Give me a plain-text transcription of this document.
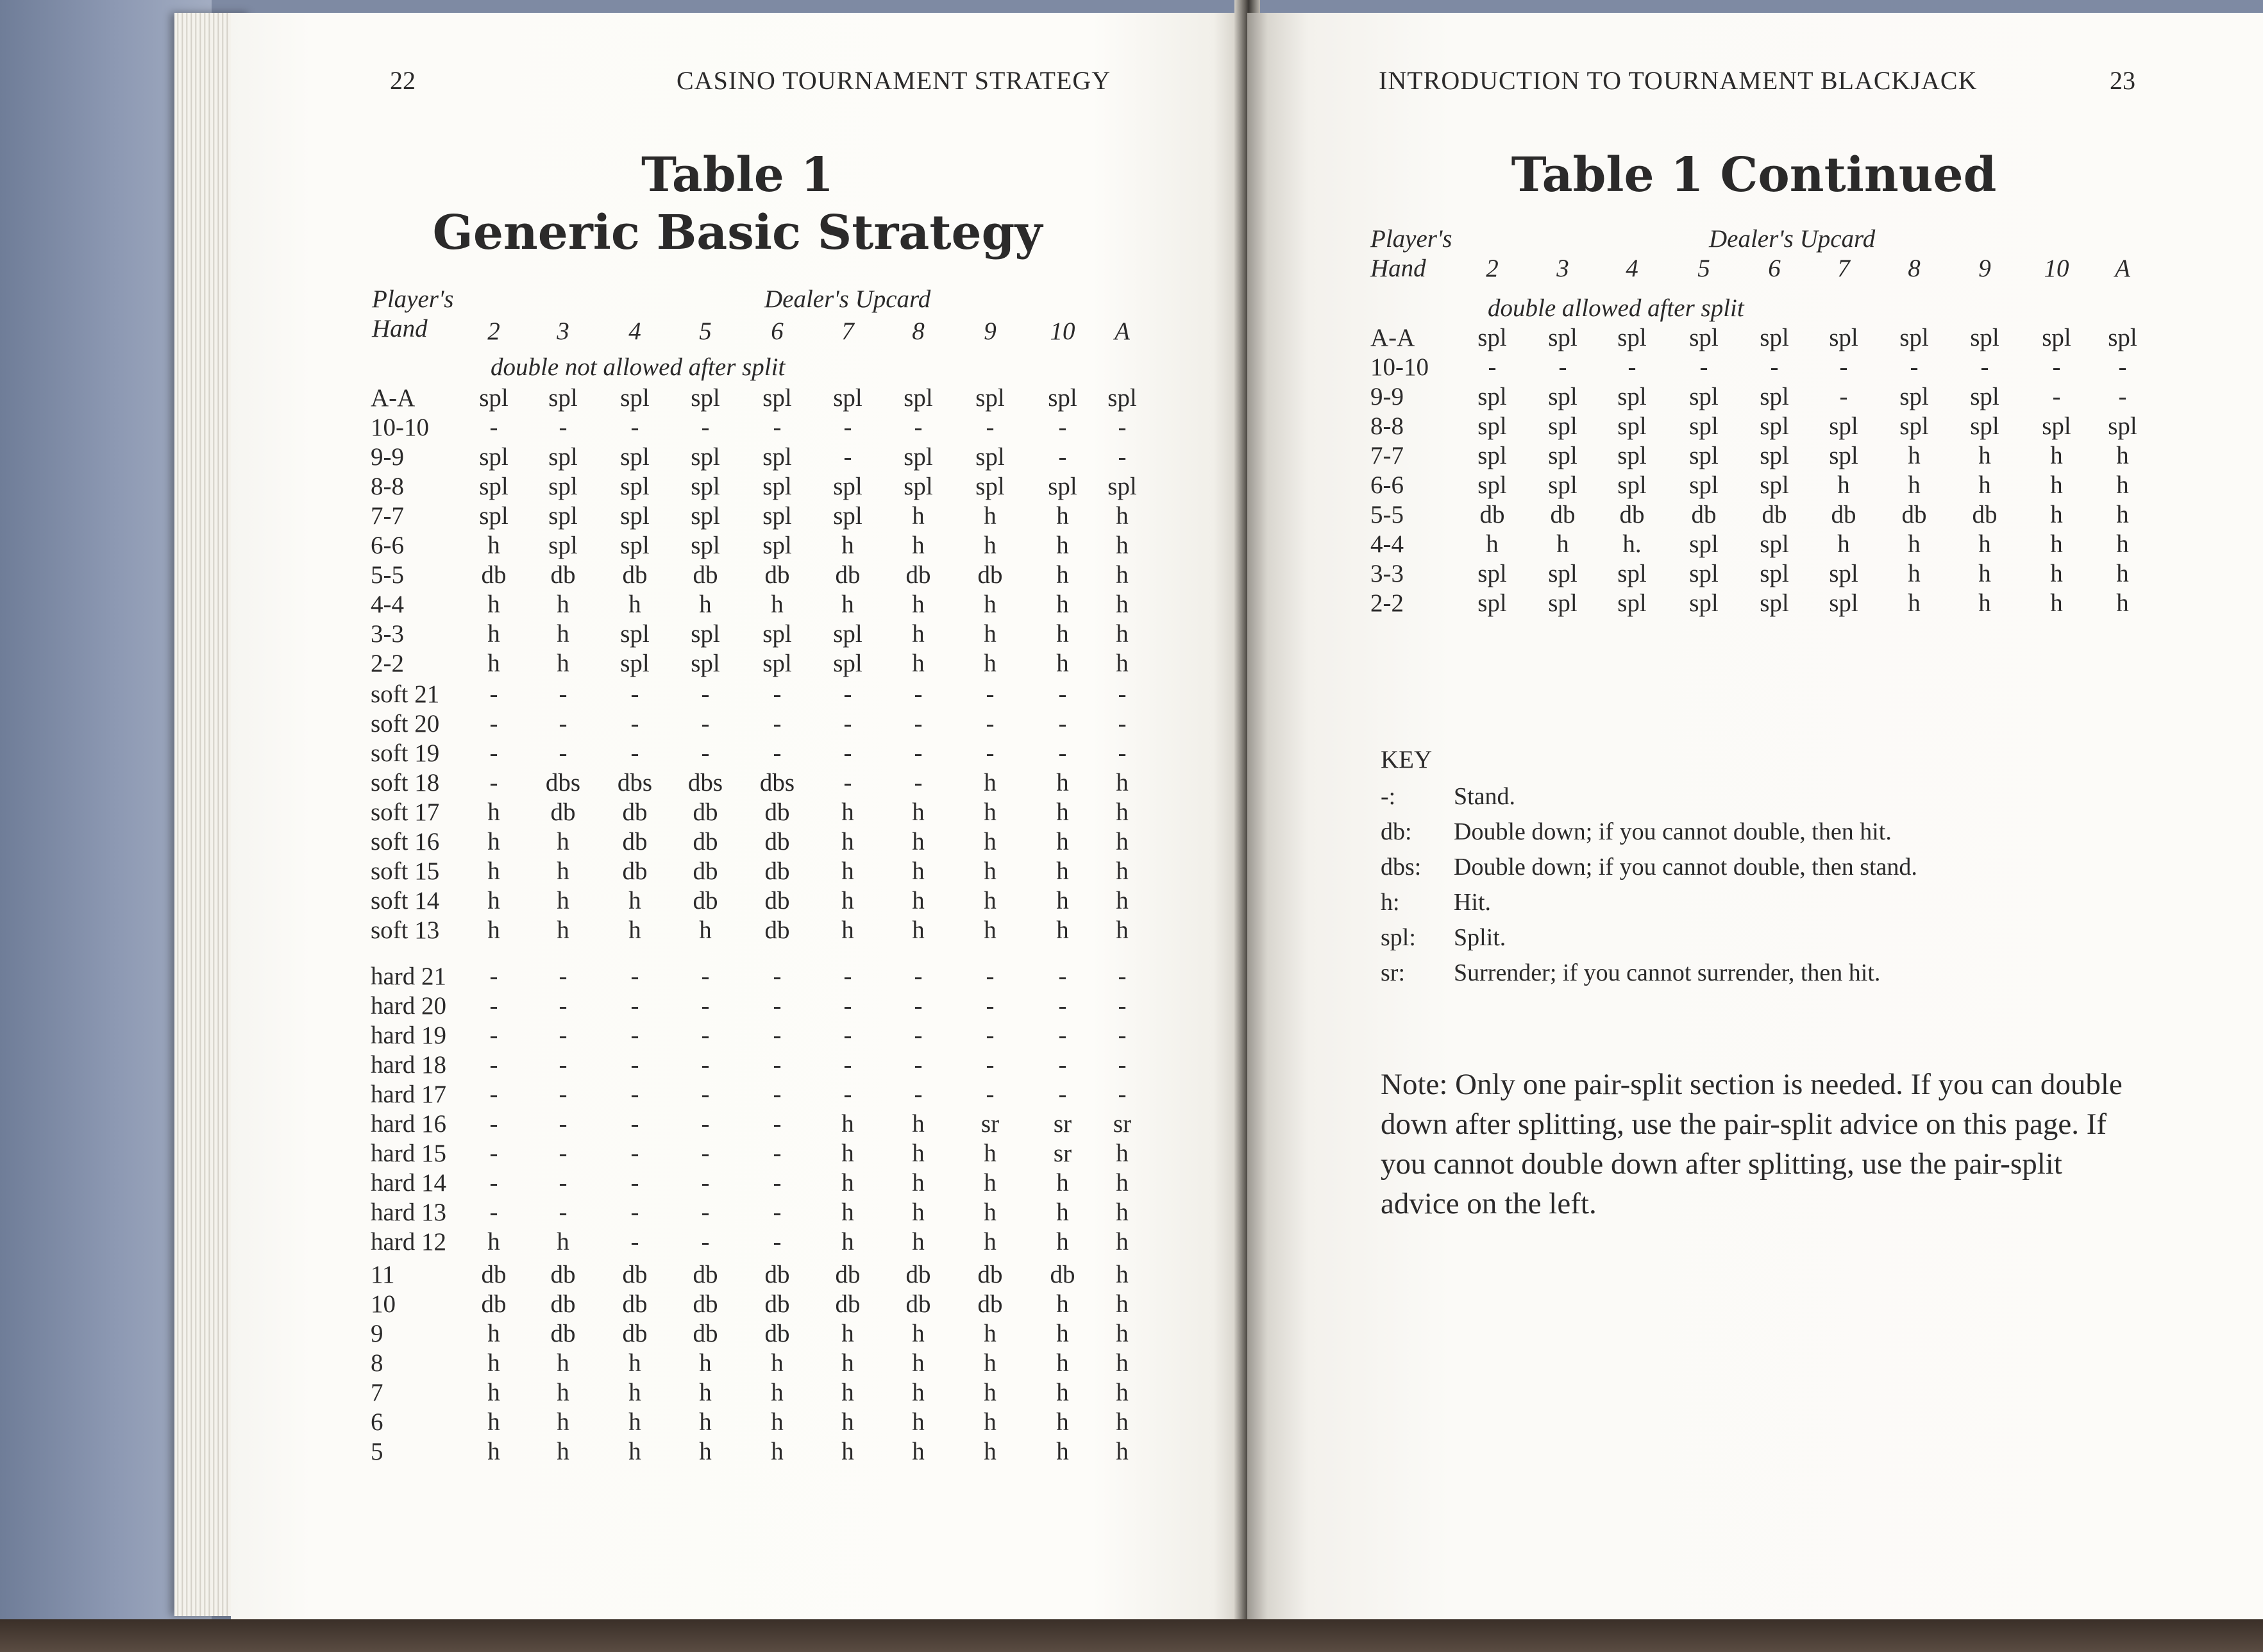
22	CASINO TOURNAMENT STRATEGY
Table 1
Generic Basic Strategy
Player's
Hand
Dealer's Upcard
2	3	4	5	6	7	8	9	10	A
double not allowed after split
A-A	spl	spl	spl	spl	spl	spl	spl	spl	spl	spl
10-10	-	-	-	-	-	-	-	-	-	-
9-9	spl	spl	spl	spl	spl	-	spl	spl	-	-
8-8	spl	spl	spl	spl	spl	spl	spl	spl	spl	spl
7-7	spl	spl	spl	spl	spl	spl	h	h	h	h
6-6	h	spl	spl	spl	spl	h	h	h	h	h
5-5	db	db	db	db	db	db	db	db	h	h
4-4	h	h	h	h	h	h	h	h	h	h
3-3	h	h	spl	spl	spl	spl	h	h	h	h
2-2	h	h	spl	spl	spl	spl	h	h	h	h
soft 21	-	-	-	-	-	-	-	-	-	-
soft 20	-	-	-	-	-	-	-	-	-	-
soft 19	-	-	-	-	-	-	-	-	-	-
soft 18	-	dbs	dbs	dbs	dbs	-	-	h	h	h
soft 17	h	db	db	db	db	h	h	h	h	h
soft 16	h	h	db	db	db	h	h	h	h	h
soft 15	h	h	db	db	db	h	h	h	h	h
soft 14	h	h	h	db	db	h	h	h	h	h
soft 13	h	h	h	h	db	h	h	h	h	h
hard 21	-	-	-	-	-	-	-	-	-	-
hard 20	-	-	-	-	-	-	-	-	-	-
hard 19	-	-	-	-	-	-	-	-	-	-
hard 18	-	-	-	-	-	-	-	-	-	-
hard 17	-	-	-	-	-	-	-	-	-	-
hard 16	-	-	-	-	-	h	h	sr	sr	sr
hard 15	-	-	-	-	-	h	h	h	sr	h
hard 14	-	-	-	-	-	h	h	h	h	h
hard 13	-	-	-	-	-	h	h	h	h	h
hard 12	h	h	-	-	-	h	h	h	h	h
11	db	db	db	db	db	db	db	db	db	h
10	db	db	db	db	db	db	db	db	h	h
9	h	db	db	db	db	h	h	h	h	h
8	h	h	h	h	h	h	h	h	h	h
7	h	h	h	h	h	h	h	h	h	h
6	h	h	h	h	h	h	h	h	h	h
5	h	h	h	h	h	h	h	h	h	h
INTRODUCTION TO TOURNAMENT BLACKJACK	23
Table 1 Continued
Player's
Hand
Dealer's Upcard
2	3	4	5	6	7	8	9	10	A
double allowed after split
A-A	spl	spl	spl	spl	spl	spl	spl	spl	spl	spl
10-10	-	-	-	-	-	-	-	-	-	-
9-9	spl	spl	spl	spl	spl	-	spl	spl	-	-
8-8	spl	spl	spl	spl	spl	spl	spl	spl	spl	spl
7-7	spl	spl	spl	spl	spl	spl	h	h	h	h
6-6	spl	spl	spl	spl	spl	h	h	h	h	h
5-5	db	db	db	db	db	db	db	db	h	h
4-4	h	h	h.	spl	spl	h	h	h	h	h
3-3	spl	spl	spl	spl	spl	spl	h	h	h	h
2-2	spl	spl	spl	spl	spl	spl	h	h	h	h
KEY
-: Stand.
db: Double down; if you cannot double, then hit.
dbs: Double down; if you cannot double, then stand.
h: Hit.
spl: Split.
sr: Surrender; if you cannot surrender, then hit.
Note: Only one pair-split section is needed. If you can double down after splitting, use the pair-split advice on this page. If you cannot double down after splitting, use the pair-split advice on the left.
